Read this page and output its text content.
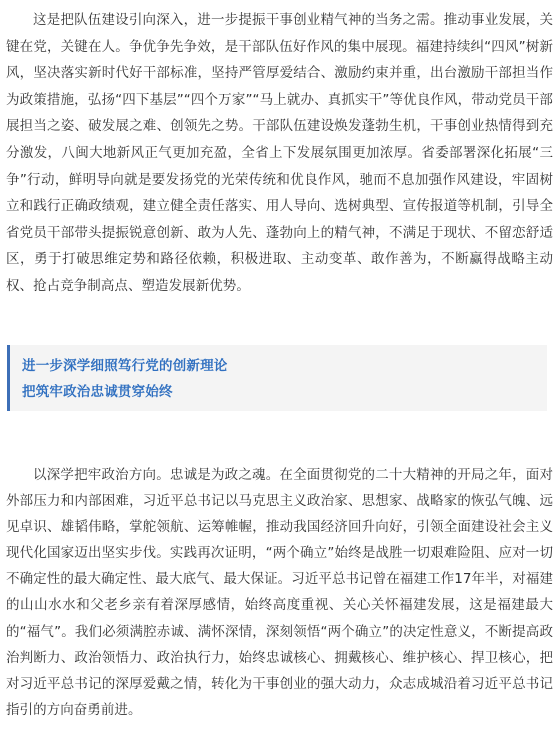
这是把队伍建设引向深入，进一步提振干事创业精气神的当务之需。推动事业发展，关键在党，关键在人。争优争先争效，是干部队伍好作风的集中展现。福建持续纠“四风”树新风，坚决落实新时代好干部标准，坚持严管厚爱结合、激励约束并重，出台激励干部担当作为政策措施，弘扬“四下基层”“四个万家”“马上就办、真抓实干”等优良作风，带动党员干部展担当之姿、破发展之难、创领先之势。干部队伍建设焕发蓬勃生机，干事创业热情得到充分激发，八闽大地新风正气更加充盈，全省上下发展氛围更加浓厚。省委部署深化拓展“三争”行动，鲜明导向就是要发扬党的光荣传统和优良作风，驰而不息加强作风建设，牢固树立和践行正确政绩观，建立健全责任落实、用人导向、选树典型、宣传报道等机制，引导全省党员干部带头提振锐意创新、敢为人先、蓬勃向上的精气神，不满足于现状、不留恋舒适区，勇于打破思维定势和路径依赖，积极进取、主动变革、敢作善为，不断赢得战略主动权、抢占竞争制高点、塑造发展新优势。

进一步深学细照笃行党的创新理论
把筑牢政治忠诚贯穿始终

以深学把牢政治方向。忠诚是为政之魂。在全面贯彻党的二十大精神的开局之年，面对外部压力和内部困难，习近平总书记以马克思主义政治家、思想家、战略家的恢弘气魄、远见卓识、雄韬伟略，掌舵领航、运筹帷幄，推动我国经济回升向好，引领全面建设社会主义现代化国家迈出坚实步伐。实践再次证明，“两个确立”始终是战胜一切艰难险阻、应对一切不确定性的最大确定性、最大底气、最大保证。习近平总书记曾在福建工作17年半，对福建的山山水水和父老乡亲有着深厚感情，始终高度重视、关心关怀福建发展，这是福建最大的“福气”。我们必须满腔赤诚、满怀深情，深刻领悟“两个确立”的决定性意义，不断提高政治判断力、政治领悟力、政治执行力，始终忠诚核心、拥戴核心、维护核心、捍卫核心，把对习近平总书记的深厚爱戴之情，转化为干事创业的强大动力，众志成城沿着习近平总书记指引的方向奋勇前进。
